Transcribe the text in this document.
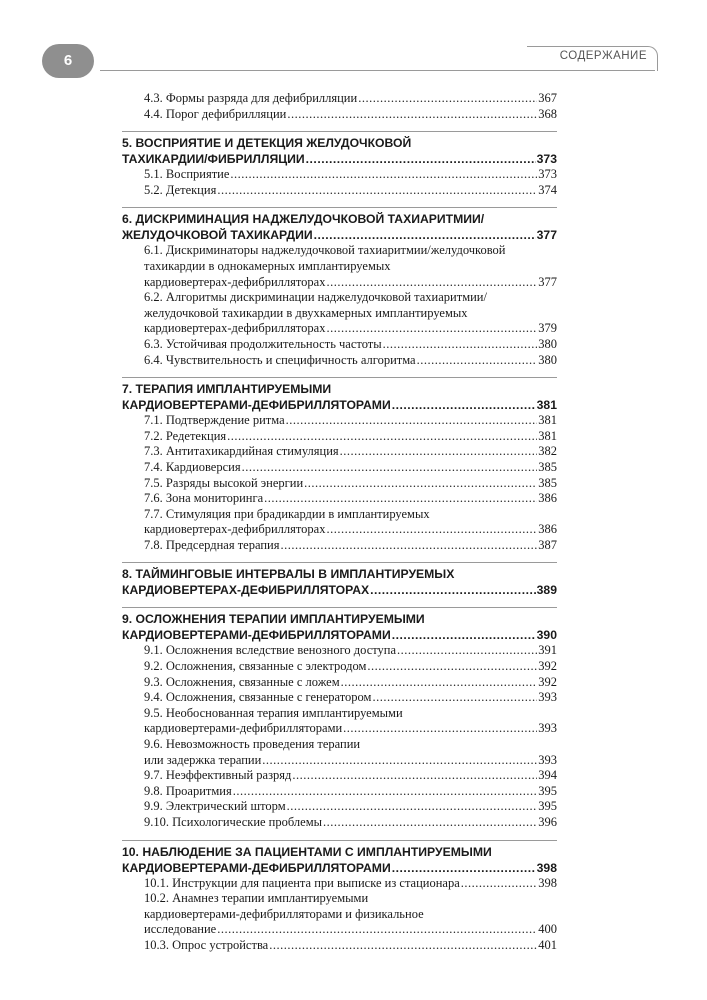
6	СОДЕРЖАНИЕ
4.3. Формы разряда для дефибрилляции .....	367
4.4. Порог дефибрилляции .....	368
5. ВОСПРИЯТИЕ И ДЕТЕКЦИЯ ЖЕЛУДОЧКОВОЙ
ТАХИКАРДИИ/ФИБРИЛЛЯЦИИ .....	373
5.1. Восприятие .....	373
5.2. Детекция .....	374
6. ДИСКРИМИНАЦИЯ НАДЖЕЛУДОЧКОВОЙ ТАХИАРИТМИИ/
ЖЕЛУДОЧКОВОЙ ТАХИКАРДИИ .....	377
6.1. Дискриминаторы наджелудочковой тахиаритмии/желудочковой
тахикардии в однокамерных имплантируемых
кардиовертерах-дефибрилляторах .....	377
6.2. Алгоритмы дискриминации наджелудочковой тахиаритмии/
желудочковой тахикардии в двухкамерных имплантируемых
кардиовертерах-дефибрилляторах .....	379
6.3. Устойчивая продолжительность частоты .....	380
6.4. Чувствительность и специфичность алгоритма .....	380
7. ТЕРАПИЯ ИМПЛАНТИРУЕМЫМИ
КАРДИОВЕРТЕРАМИ-ДЕФИБРИЛЛЯТОРАМИ .....	381
7.1. Подтверждение ритма .....	381
7.2. Редетекция .....	381
7.3. Антитахикардийная стимуляция .....	382
7.4. Кардиоверсия .....	385
7.5. Разряды высокой энергии .....	385
7.6. Зона мониторинга .....	386
7.7. Стимуляция при брадикардии в имплантируемых
кардиовертерах-дефибрилляторах .....	386
7.8. Предсердная терапия .....	387
8. ТАЙМИНГОВЫЕ ИНТЕРВАЛЫ В ИМПЛАНТИРУЕМЫХ
КАРДИОВЕРТЕРАХ-ДЕФИБРИЛЛЯТОРАХ .....	389
9. ОСЛОЖНЕНИЯ ТЕРАПИИ ИМПЛАНТИРУЕМЫМИ
КАРДИОВЕРТЕРАМИ-ДЕФИБРИЛЛЯТОРАМИ .....	390
9.1. Осложнения вследствие венозного доступа .....	391
9.2. Осложнения, связанные с электродом .....	392
9.3. Осложнения, связанные с ложем .....	392
9.4. Осложнения, связанные с генератором .....	393
9.5. Необоснованная терапия имплантируемыми
кардиовертерами-дефибрилляторами .....	393
9.6. Невозможность проведения терапии
или задержка терапии .....	393
9.7. Неэффективный разряд .....	394
9.8. Проаритмия .....	395
9.9. Электрический шторм .....	395
9.10. Психологические проблемы .....	396
10. НАБЛЮДЕНИЕ ЗА ПАЦИЕНТАМИ С ИМПЛАНТИРУЕМЫМИ
КАРДИОВЕРТЕРАМИ-ДЕФИБРИЛЛЯТОРАМИ .....	398
10.1. Инструкции для пациента при выписке из стационара .....	398
10.2. Анамнез терапии имплантируемыми
кардиовертерами-дефибрилляторами и физикальное
исследование .....	400
10.3. Опрос устройства .....	401
